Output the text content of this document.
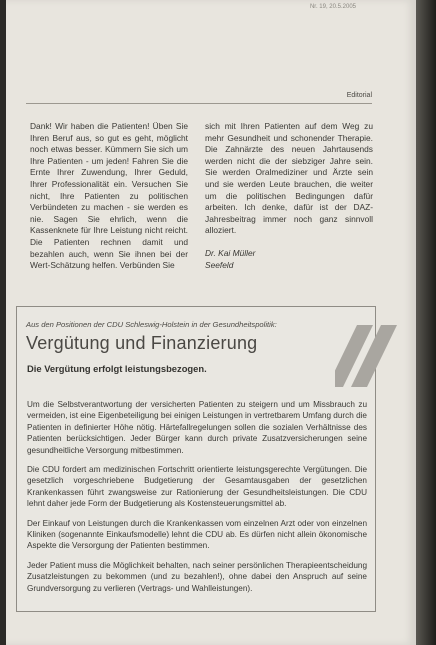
Nr. 19, 20.5.2005
Editorial
Dank! Wir haben die Patienten! Üben Sie Ihren Beruf aus, so gut es geht, möglicht noch etwas besser. Kümmern Sie sich um Ihre Patienten - um jeden! Fahren Sie die Ernte Ihrer Zuwendung, Ihrer Geduld, Ihrer Professionalität ein. Versuchen Sie nicht, Ihre Patienten zu politischen Verbündeten zu machen - sie werden es nie. Sagen Sie ehrlich, wenn die Kassenknete für Ihre Leistung nicht reicht. Die Patienten rechnen damit und bezahlen auch, wenn Sie ihnen bei der Wert-Schätzung helfen. Verbünden Sie
sich mit Ihren Patienten auf dem Weg zu mehr Gesundheit und schonender Therapie. Die Zahnärzte des neuen Jahrtausends werden nicht die der siebziger Jahre sein. Sie werden Oralmediziner und Ärzte sein und sie werden Leute brauchen, die weiter um die politischen Bedingungen dafür arbeiten. Ich denke, dafür ist der DAZ-Jahresbeitrag immer noch ganz sinnvoll alloziert.
Dr. Kai Müller
Seefeld
Aus den Positionen der CDU Schleswig-Holstein in der Gesundheitspolitik:
Vergütung und Finanzierung
Die Vergütung erfolgt leistungsbezogen.

Um die Selbstverantwortung der versicherten Patienten zu steigern und um Missbrauch zu vermeiden, ist eine Eigenbeteiligung bei einigen Leistungen in vertretbarem Umfang durch die Patienten in definierter Höhe nötig. Härtefallregelungen sollen die sozialen Verhältnisse des Patienten berücksichtigen. Jeder Bürger kann durch private Zusatzversicherungen seine gesundheitliche Versorgung mitbestimmen.

Die CDU fordert am medizinischen Fortschritt orientierte leistungsgerechte Vergütungen. Die gesetzlich vorgeschriebene Budgetierung der Gesamtausgaben der gesetzlichen Krankenkassen führt zwangsweise zur Rationierung der Gesundheitsleistungen. Die CDU lehnt daher jede Form der Budgetierung als Kostensteuerungsmittel ab.

Der Einkauf von Leistungen durch die Krankenkassen vom einzelnen Arzt oder von einzelnen Kliniken (sogenannte Einkaufsmodelle) lehnt die CDU ab. Es dürfen nicht allein ökonomische Aspekte die Versorgung der Patienten bestimmen.

Jeder Patient muss die Möglichkeit behalten, nach seiner persönlichen Therapieentscheidung Zusatzleistungen zu bekommen (und zu bezahlen!), ohne dabei den Anspruch auf seine Grundversorgung zu verlieren (Vertrags- und Wahlleistungen).
